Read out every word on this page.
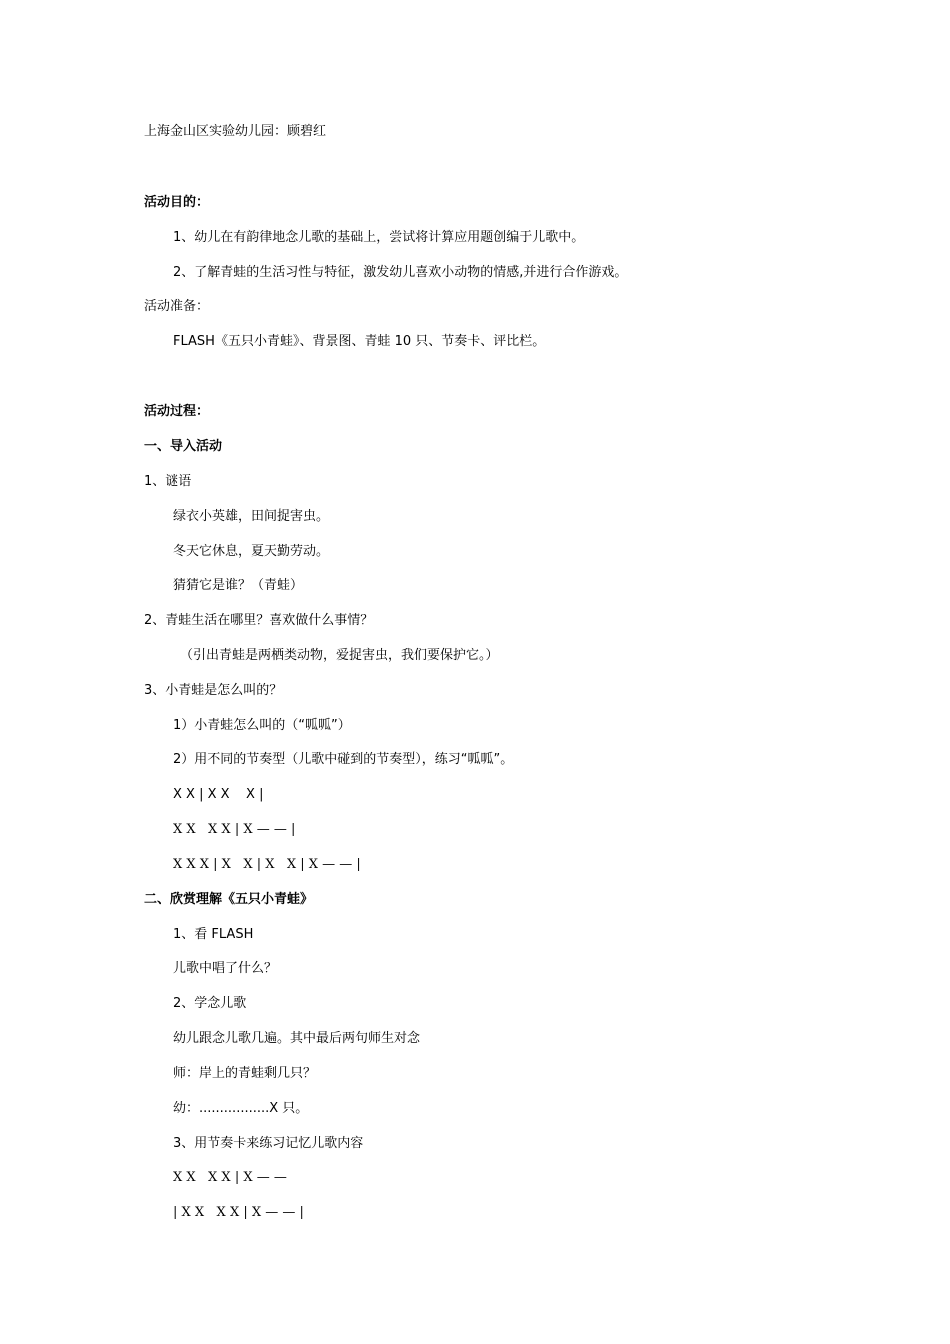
上海金山区实验幼儿园：顾碧红
活动目的：
1、幼儿在有韵律地念儿歌的基础上，尝试将计算应用题创编于儿歌中。
2、了解青蛙的生活习性与特征，激发幼儿喜欢小动物的情感,并进行合作游戏。
活动准备：
FLASH《五只小青蛙》、背景图、青蛙 10 只、节奏卡、评比栏。
活动过程：
一、导入活动
1、谜语
绿衣小英雄，田间捉害虫。
冬天它休息，夏天勤劳动。
猜猜它是谁？（青蛙）
2、青蛙生活在哪里？喜欢做什么事情？
（引出青蛙是两栖类动物，爱捉害虫，我们要保护它。）
3、小青蛙是怎么叫的？
1）小青蛙怎么叫的（“呱呱”）
2）用不同的节奏型（儿歌中碰到的节奏型），练习“呱呱”。
X X | X X    X |
X X   X X | X — — |
X X X | X   X | X   X | X — — |
二、欣赏理解《五只小青蛙》
1、看 FLASH
儿歌中唱了什么？
2、学念儿歌
幼儿跟念儿歌几遍。其中最后两句师生对念
师：岸上的青蛙剩几只？
幼：.................X 只。
3、用节奏卡来练习记忆儿歌内容
X X   X X | X — —
| X X   X X | X — — |
